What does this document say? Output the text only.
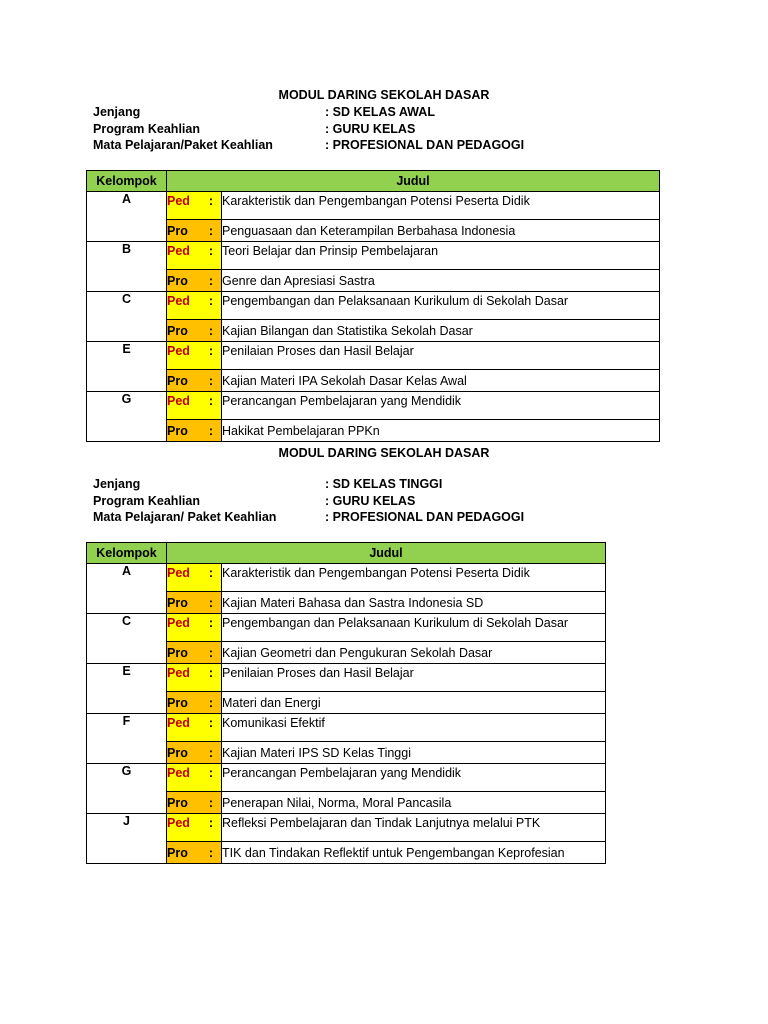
MODUL DARING SEKOLAH DASAR
Jenjang	: SD KELAS AWAL
Program Keahlian	: GURU KELAS
Mata Pelajaran/Paket Keahlian	: PROFESIONAL DAN PEDAGOGI
Kelompok	Judul	
A	Ped :	Karakteristik dan Pengembangan Potensi Peserta Didik
	Pro :	Penguasaan dan Keterampilan Berbahasa Indonesia
B	Ped :	Teori Belajar dan Prinsip Pembelajaran
	Pro :	Genre dan Apresiasi Sastra
C	Ped :	Pengembangan dan Pelaksanaan Kurikulum di Sekolah Dasar
	Pro :	Kajian Bilangan dan Statistika Sekolah Dasar
E	Ped :	Penilaian Proses dan Hasil Belajar
	Pro :	Kajian Materi IPA Sekolah Dasar Kelas Awal
G	Ped :	Perancangan Pembelajaran yang Mendidik
	Pro :	Hakikat Pembelajaran PPKn
MODUL DARING SEKOLAH DASAR
Jenjang	: SD KELAS TINGGI
Program Keahlian	: GURU KELAS
Mata Pelajaran/ Paket Keahlian	: PROFESIONAL DAN PEDAGOGI
Kelompok	Judul	
A	Ped :	Karakteristik dan Pengembangan Potensi Peserta Didik
	Pro :	Kajian Materi Bahasa dan Sastra Indonesia SD
C	Ped :	Pengembangan dan Pelaksanaan Kurikulum di Sekolah Dasar
	Pro :	Kajian Geometri dan Pengukuran Sekolah Dasar
E	Ped :	Penilaian Proses dan Hasil Belajar
	Pro :	Materi dan Energi
F	Ped :	Komunikasi Efektif
	Pro :	Kajian Materi IPS SD Kelas Tinggi
G	Ped :	Perancangan Pembelajaran yang Mendidik
	Pro :	Penerapan Nilai, Norma, Moral Pancasila
J	Ped :	Refleksi Pembelajaran dan Tindak Lanjutnya melalui PTK
	Pro :	TIK dan Tindakan Reflektif untuk Pengembangan Keprofesian
